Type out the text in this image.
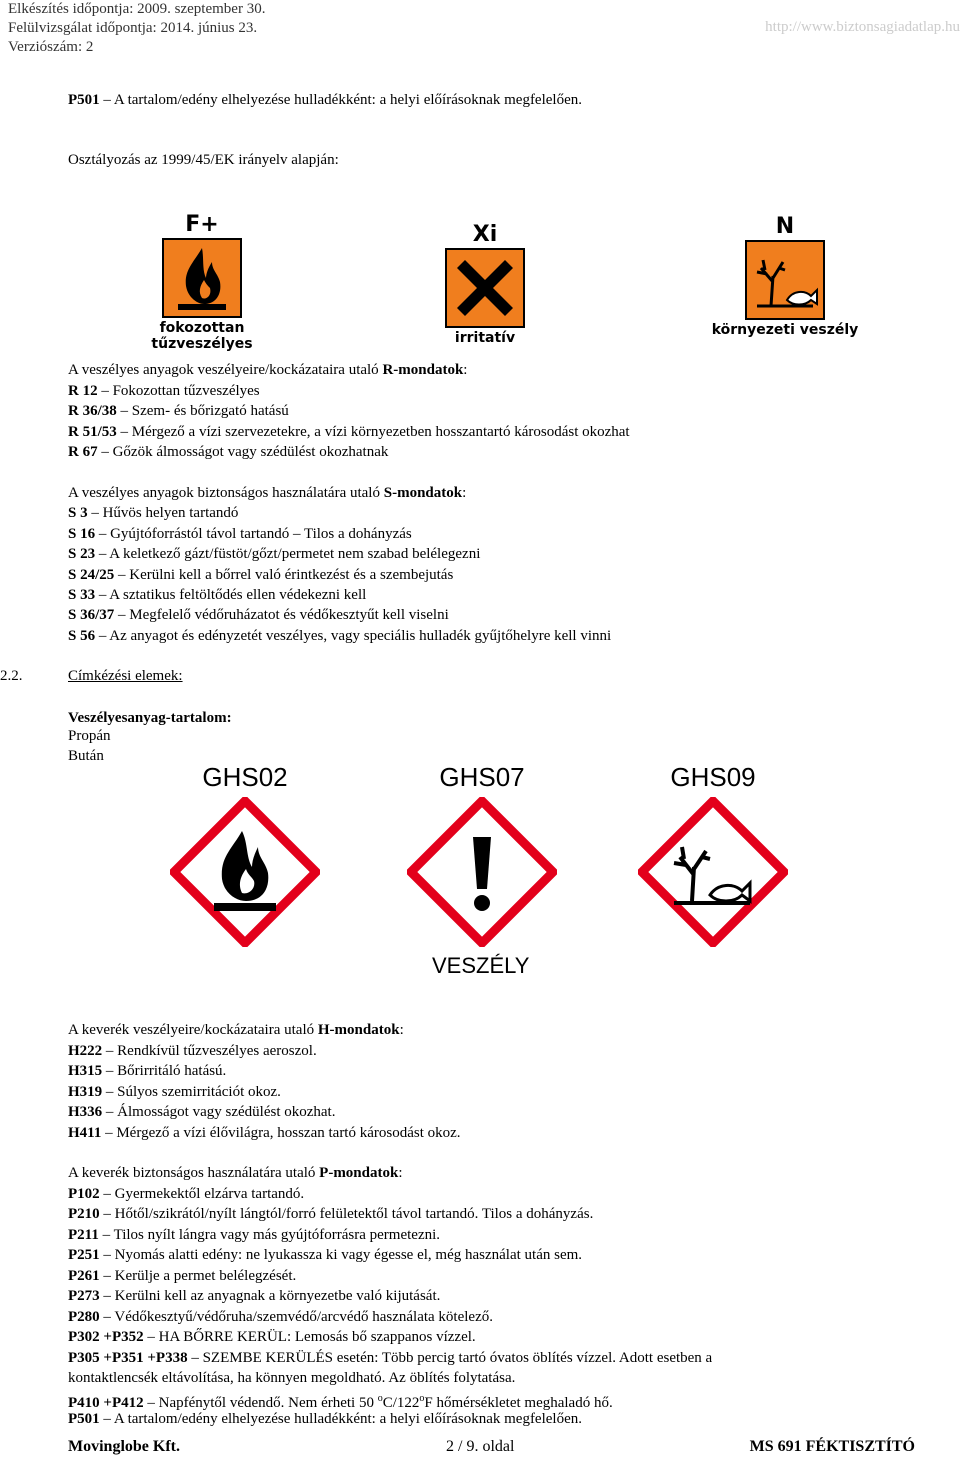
Elkészítés időpontja: 2009. szeptember 30.
Felülvizsgálat időpontja: 2014. június 23.
Verziószám: 2
http://www.biztonsagiadatlap.hu
P501 – A tartalom/edény elhelyezése hulladékként: a helyi előírásoknak megfelelően.
Osztályozás az 1999/45/EK irányelv alapján:
F+
fokozottan tűzveszélyes
Xi
irritatív
N
környezeti veszély
A veszélyes anyagok veszélyeire/kockázataira utaló R-mondatok:
R 12 – Fokozottan tűzveszélyes
R 36/38 – Szem- és bőrizgató hatású
R 51/53 – Mérgező a vízi szervezetekre, a vízi környezetben hosszantartó károsodást okozhat
R 67 – Gőzök álmosságot vagy szédülést okozhatnak
A veszélyes anyagok biztonságos használatára utaló S-mondatok:
S 3 – Hűvös helyen tartandó
S 16 – Gyújtóforrástól távol tartandó – Tilos a dohányzás
S 23 – A keletkező gázt/füstöt/gőzt/permetet nem szabad belélegezni
S 24/25 – Kerülni kell a bőrrel való érintkezést és a szembejutás
S 33 – A sztatikus feltöltődés ellen védekezni kell
S 36/37 – Megfelelő védőruházatot és védőkesztyűt kell viselni
S 56 – Az anyagot és edényzetét veszélyes, vagy speciális hulladék gyűjtőhelyre kell vinni
2.2.	Címkézési elemek:
Veszélyesanyag-tartalom:
Propán
Bután
GHS02	GHS07	GHS09
VESZÉLY
A keverék veszélyeire/kockázataira utaló H-mondatok:
H222 – Rendkívül tűzveszélyes aeroszol.
H315 – Bőrirritáló hatású.
H319 – Súlyos szemirritációt okoz.
H336 – Álmosságot vagy szédülést okozhat.
H411 – Mérgező a vízi élővilágra, hosszan tartó károsodást okoz.
A keverék biztonságos használatára utaló P-mondatok:
P102 – Gyermekektől elzárva tartandó.
P210 – Hőtől/szikrától/nyílt lángtól/forró felületektől távol tartandó. Tilos a dohányzás.
P211 – Tilos nyílt lángra vagy más gyújtóforrásra permetezni.
P251 – Nyomás alatti edény: ne lyukassza ki vagy égesse el, még használat után sem.
P261 – Kerülje a permet belélegzését.
P273 – Kerülni kell az anyagnak a környezetbe való kijutását.
P280 – Védőkesztyű/védőruha/szemvédő/arcvédő használata kötelező.
P302 +P352 – HA BŐRRE KERÜL: Lemosás bő szappanos vízzel.
P305 +P351 +P338 – SZEMBE KERÜLÉS esetén: Több percig tartó óvatos öblítés vízzel. Adott esetben a
kontaktlencsék eltávolítása, ha könnyen megoldható. Az öblítés folytatása.
P410 +P412 – Napfénytől védendő. Nem érheti 50 $^o$C/122$^o$F hőmérsékletet meghaladó hő.
P501 – A tartalom/edény elhelyezése hulladékként: a helyi előírásoknak megfelelően.
Movinglobe Kft.	2 / 9. oldal	MS 691 FÉKTISZTÍTÓ
